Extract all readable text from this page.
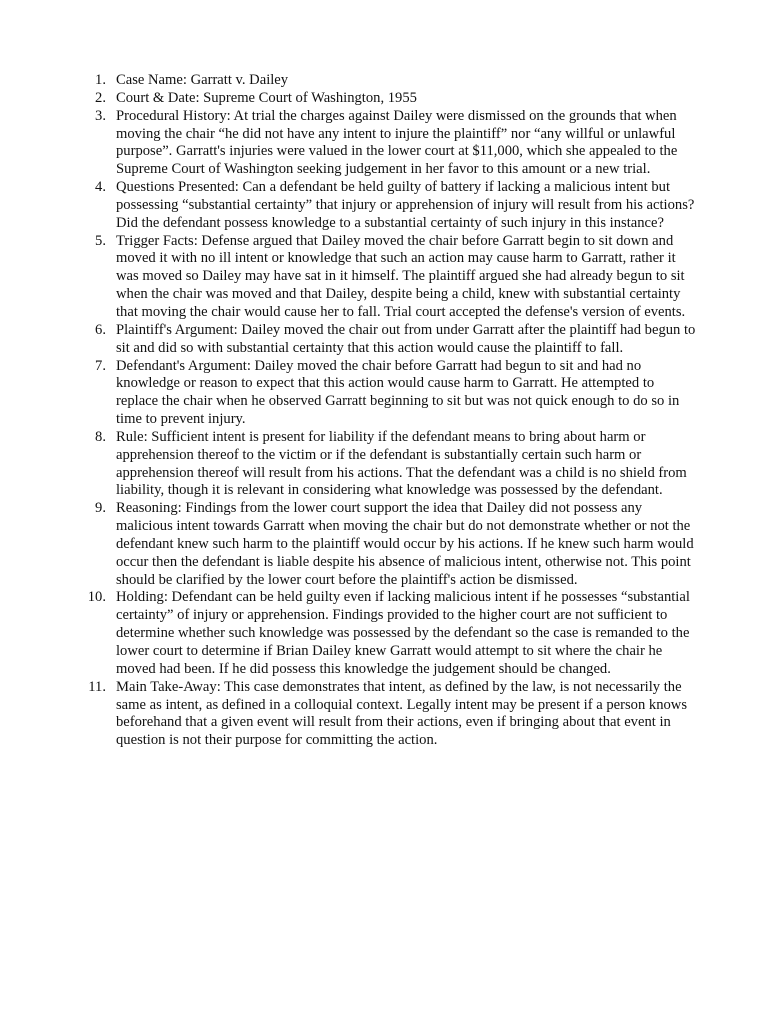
1. Case Name: Garratt v. Dailey
2. Court & Date: Supreme Court of Washington, 1955
3. Procedural History: At trial the charges against Dailey were dismissed on the grounds that when moving the chair “he did not have any intent to injure the plaintiff” nor “any willful or unlawful purpose”. Garratt's injuries were valued in the lower court at $11,000, which she appealed to the Supreme Court of Washington seeking judgement in her favor to this amount or a new trial.
4. Questions Presented: Can a defendant be held guilty of battery if lacking a malicious intent but possessing “substantial certainty” that injury or apprehension of injury will result from his actions? Did the defendant possess knowledge to a substantial certainty of such injury in this instance?
5. Trigger Facts: Defense argued that Dailey moved the chair before Garratt begin to sit down and moved it with no ill intent or knowledge that such an action may cause harm to Garratt, rather it was moved so Dailey may have sat in it himself. The plaintiff argued she had already begun to sit when the chair was moved and that Dailey, despite being a child, knew with substantial certainty that moving the chair would cause her to fall. Trial court accepted the defense's version of events.
6. Plaintiff's Argument: Dailey moved the chair out from under Garratt after the plaintiff had begun to sit and did so with substantial certainty that this action would cause the plaintiff to fall.
7. Defendant's Argument: Dailey moved the chair before Garratt had begun to sit and had no knowledge or reason to expect that this action would cause harm to Garratt. He attempted to replace the chair when he observed Garratt beginning to sit but was not quick enough to do so in time to prevent injury.
8. Rule: Sufficient intent is present for liability if the defendant means to bring about harm or apprehension thereof to the victim or if the defendant is substantially certain such harm or apprehension thereof will result from his actions. That the defendant was a child is no shield from liability, though it is relevant in considering what knowledge was possessed by the defendant.
9. Reasoning: Findings from the lower court support the idea that Dailey did not possess any malicious intent towards Garratt when moving the chair but do not demonstrate whether or not the defendant knew such harm to the plaintiff would occur by his actions. If he knew such harm would occur then the defendant is liable despite his absence of malicious intent, otherwise not. This point should be clarified by the lower court before the plaintiff's action be dismissed.
10. Holding: Defendant can be held guilty even if lacking malicious intent if he possesses “substantial certainty” of injury or apprehension. Findings provided to the higher court are not sufficient to determine whether such knowledge was possessed by the defendant so the case is remanded to the lower court to determine if Brian Dailey knew Garratt would attempt to sit where the chair he moved had been. If he did possess this knowledge the judgement should be changed.
11. Main Take-Away: This case demonstrates that intent, as defined by the law, is not necessarily the same as intent, as defined in a colloquial context. Legally intent may be present if a person knows beforehand that a given event will result from their actions, even if bringing about that event in question is not their purpose for committing the action.
